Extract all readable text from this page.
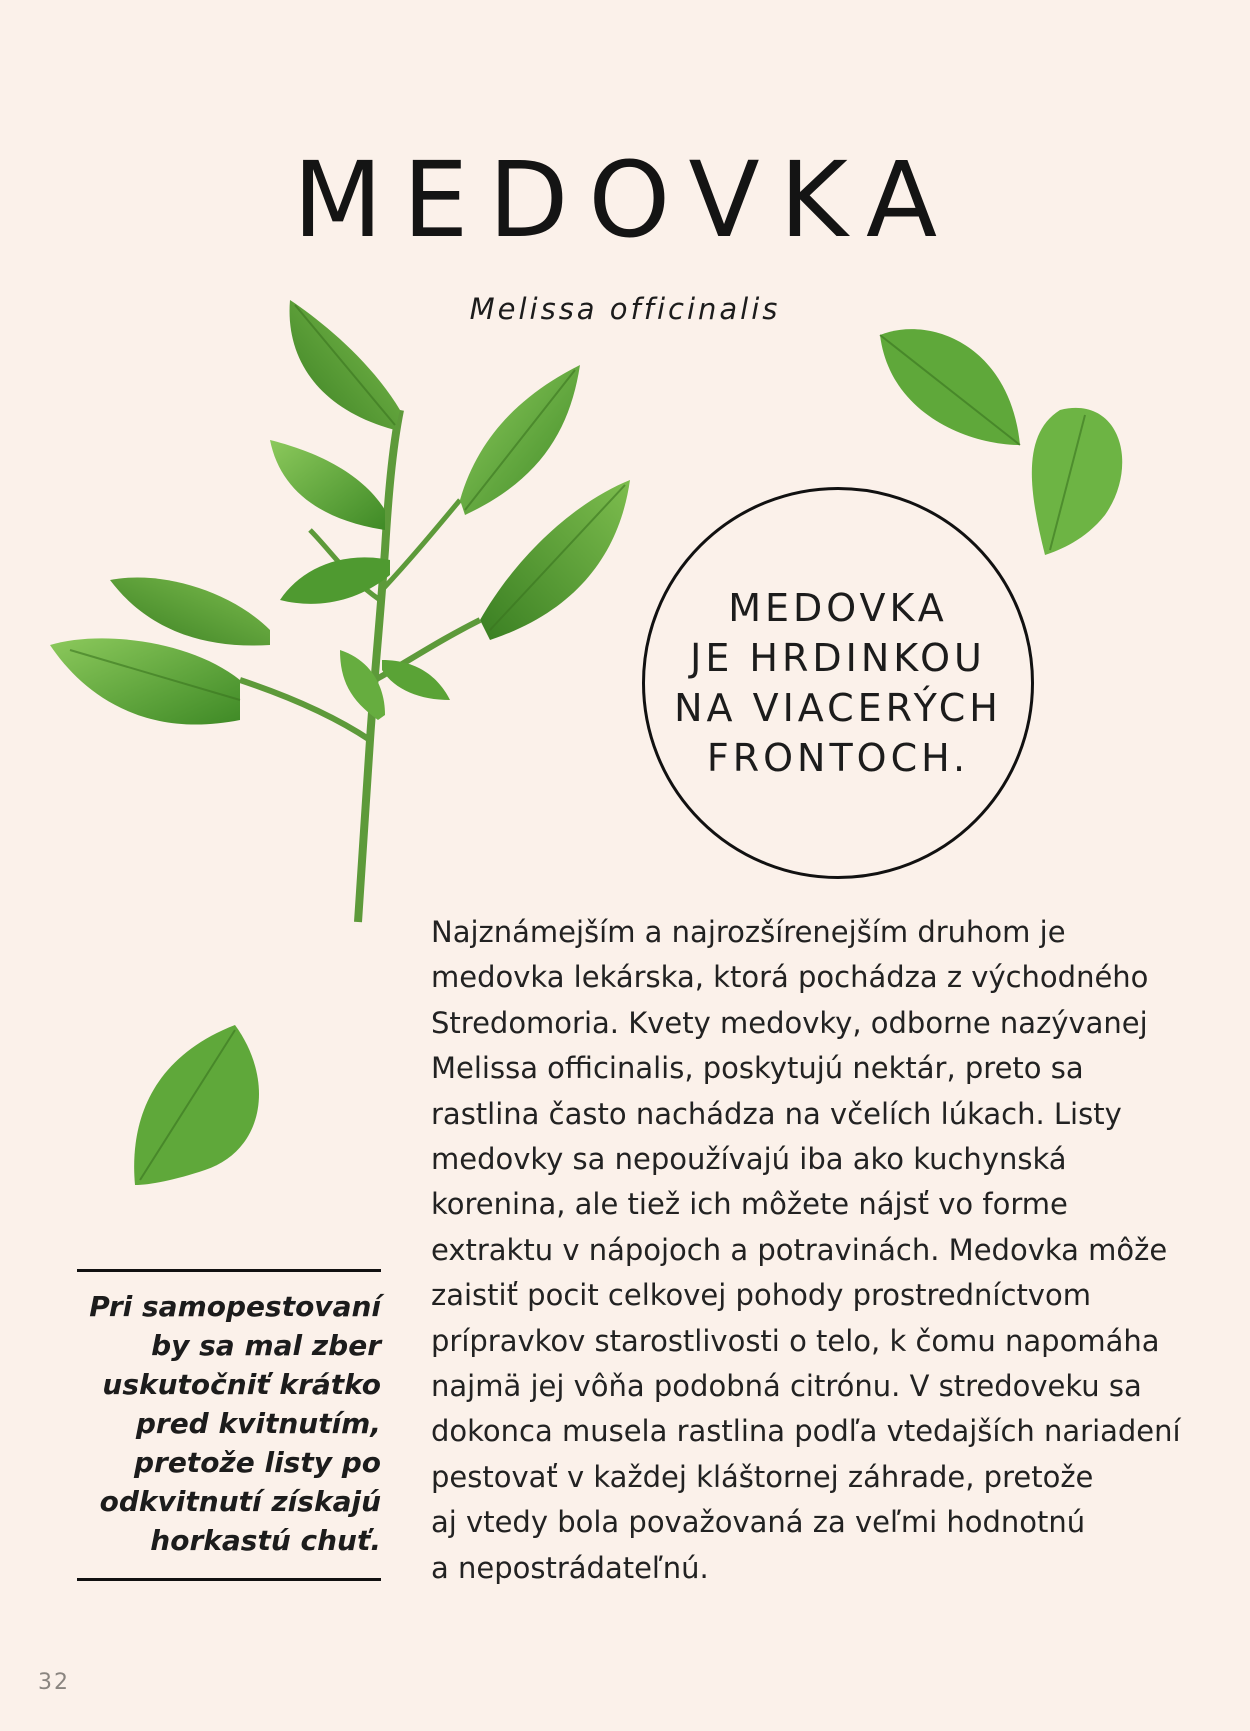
MEDOVKA

Melissa officinalis

MEDOVKA
JE HRDINKOU
NA VIACERÝCH
FRONTOCH.
Najznámejším a najrozšírenejším druhom je
medovka lekárska, ktorá pochádza z východného
Stredomoria. Kvety medovky, odborne nazývanej
Melissa officinalis, poskytujú nektár, preto sa
rastlina často nachádza na včelích lúkach. Listy
medovky sa nepoužívajú iba ako kuchynská
korenina, ale tiež ich môžete nájsť vo forme
extraktu v nápojoch a potravinách. Medovka môže
zaistiť pocit celkovej pohody prostredníctvom
prípravkov starostlivosti o telo, k čomu napomáha
najmä jej vôňa podobná citrónu. V stredoveku sa
dokonca musela rastlina podľa vtedajších nariadení
pestovať v každej kláštornej záhrade, pretože
aj vtedy bola považovaná za veľmi hodnotnú
a nepostrádateľnú.
Pri samopestovaní
by sa mal zber
uskutočniť krátko
pred kvitnutím,
pretože listy po
odkvitnutí získajú
horkastú chuť.
32
